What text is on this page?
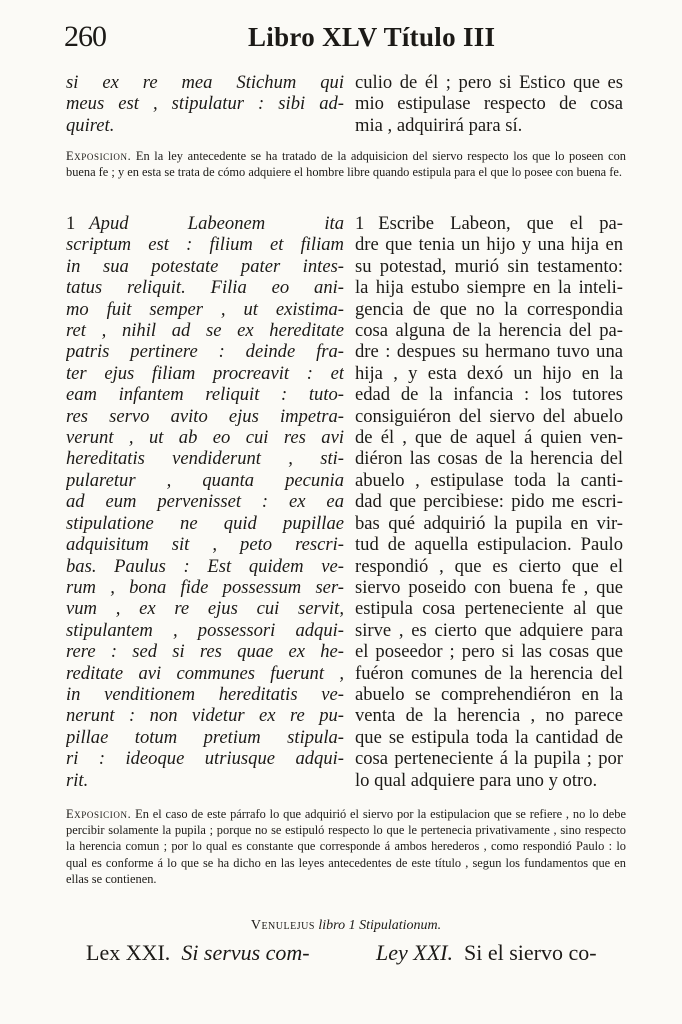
260	Libro XLV Título III

si ex re mea Stichum qui

meus est , stipulatur : sibi ad-

quiret.

culio de él ; pero si Estico que es

mio estipulase respecto de cosa

mia , adquirirá para sí.

Exposicion. En la ley antecedente se ha tratado de la adquisicion del siervo respecto los que lo poseen con buena fe ; y en esta se trata de cómo adquiere el hombre libre quando estipula para el que lo posee con buena fe.

1 Apud Labeonem ita

scriptum est : filium et filiam

in sua potestate pater intes-

tatus reliquit. Filia eo ani-

mo fuit semper , ut existima-

ret , nihil ad se ex hereditate

patris pertinere : deinde fra-

ter ejus filiam procreavit : et

eam infantem reliquit : tuto-

res servo avito ejus impetra-

verunt , ut ab eo cui res avi

hereditatis vendiderunt , sti-

pularetur , quanta pecunia

ad eum pervenisset : ex ea

stipulatione ne quid pupillae

adquisitum sit , peto rescri-

bas. Paulus : Est quidem ve-

rum , bona fide possessum ser-

vum , ex re ejus cui servit,

stipulantem , possessori adqui-

rere : sed si res quae ex he-

reditate avi communes fuerunt ,

in venditionem hereditatis ve-

nerunt : non videtur ex re pu-

pillae totum pretium stipula-

ri : ideoque utriusque adqui-

rit.

1 Escribe Labeon, que el pa-

dre que tenia un hijo y una hija en

su potestad, murió sin testamento:

la hija estubo siempre en la inteli-

gencia de que no la correspondia

cosa alguna de la herencia del pa-

dre : despues su hermano tuvo una

hija , y esta dexó un hijo en la

edad de la infancia : los tutores

consiguiéron del siervo del abuelo

de él , que de aquel á quien ven-

diéron las cosas de la herencia del

abuelo , estipulase toda la canti-

dad que percibiese: pido me escri-

bas qué adquirió la pupila en vir-

tud de aquella estipulacion. Paulo

respondió , que es cierto que el

siervo poseido con buena fe , que

estipula cosa perteneciente al que

sirve , es cierto que adquiere para

el poseedor ; pero si las cosas que

fuéron comunes de la herencia del

abuelo se comprehendiéron en la

venta de la herencia , no parece

que se estipula toda la cantidad de

cosa perteneciente á la pupila ; por

lo qual adquiere para uno y otro.

Exposicion. En el caso de este párrafo lo que adquirió el siervo por la estipulacion que se refiere , no lo debe percibir solamente la pupila ; porque no se estipuló respecto lo que le pertenecia privativamente , sino respecto la herencia comun ; por lo qual es constante que corresponde á ambos herederos , como respondió Paulo : lo qual es conforme á lo que se ha dicho en las leyes antecedentes de este título , segun los fundamentos que en ellas se contienen.

Venulejus libro 1 Stipulationum.
Lex XXI. Si servus com-	Ley XXI. Si el siervo co-
